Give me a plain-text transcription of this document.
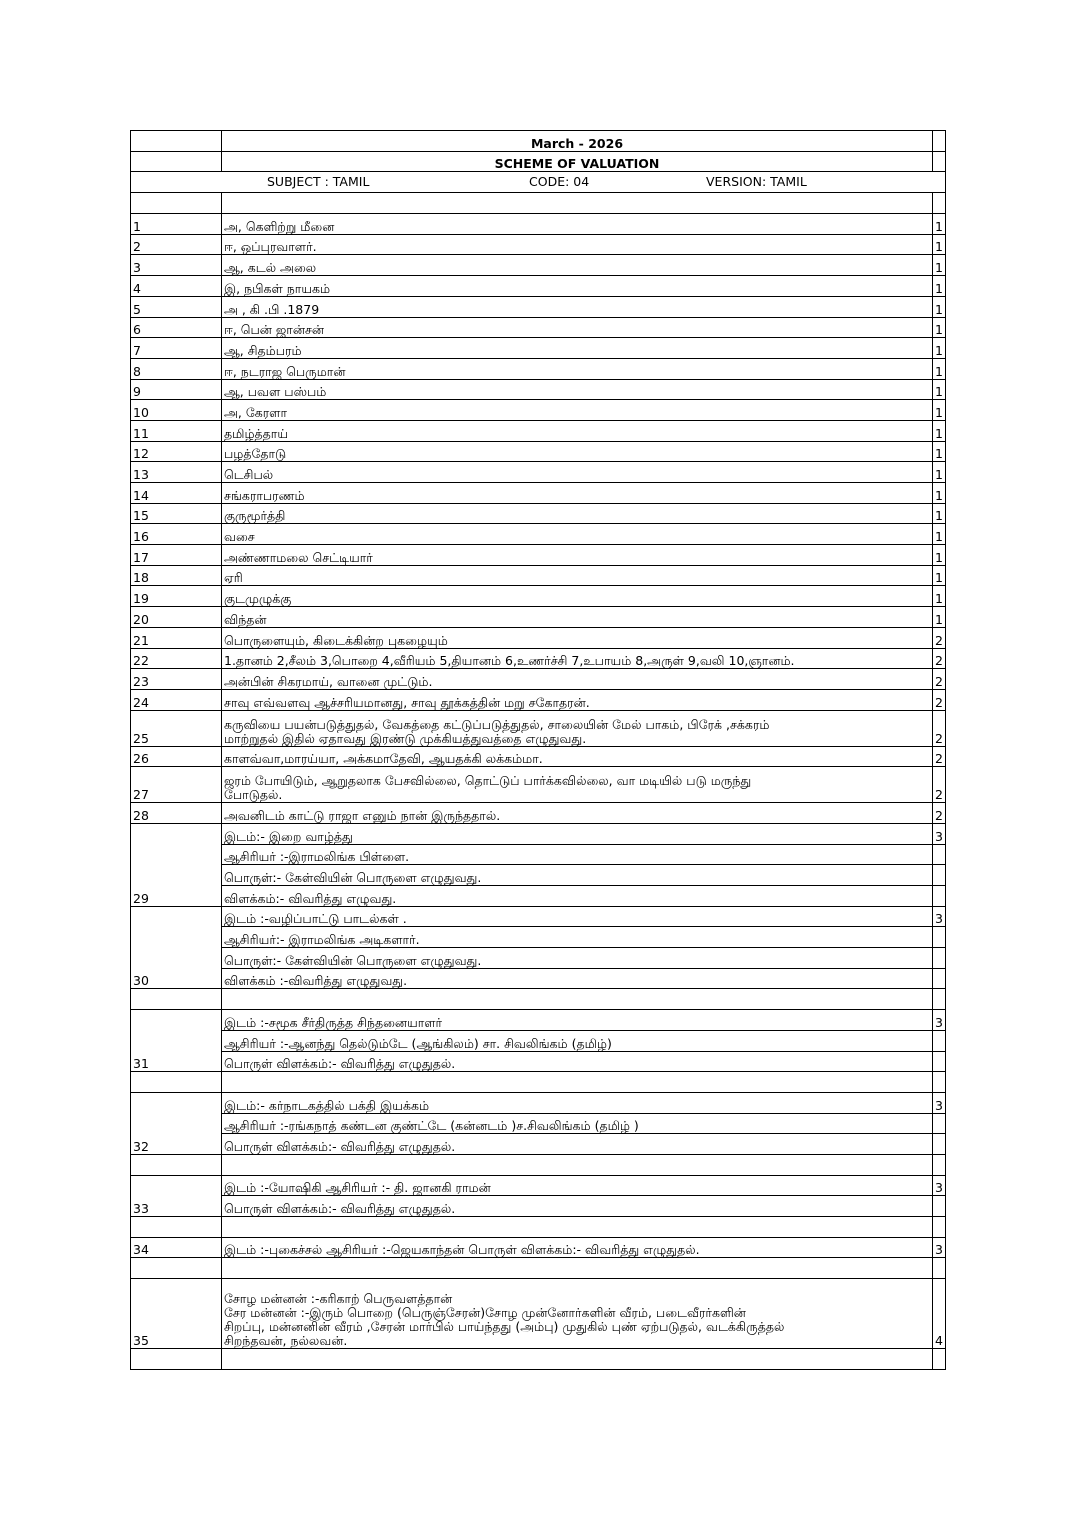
	March - 2026	
	SCHEME OF VALUATION	

SUBJECT : TAMIL CODE: 04 VERSION: TAMIL		

1	அ, கெளிற்று மீனை	1
2	ஈ, ஒப்புரவாளர்.	1
3	ஆ, கடல் அலை	1
4	இ, நபிகள் நாயகம்	1
5	அ , கி .பி .1879	1
6	ஈ, பென் ஜான்சன்	1
7	ஆ, சிதம்பரம்	1
8	ஈ, நடராஜ பெருமான்	1
9	ஆ, பவள பஸ்பம்	1
10	அ, கேரளா	1
11	தமிழ்த்தாய்	1
12	பழத்தோடு	1
13	டெசிபல்	1
14	சங்கராபரணம்	1
15	குருமூர்த்தி	1
16	வசை	1
17	அண்ணாமலை செட்டியார்	1
18	ஏரி	1
19	குடமுழுக்கு	1
20	விந்தன்	1
21	பொருளையும், கிடைக்கின்ற புகழையும்	2
22	1.தானம் 2,சீலம் 3,பொறை 4,வீரியம் 5,தியானம் 6,உணர்ச்சி 7,உபாயம் 8,அருள் 9,வலி 10,ஞானம்.	2
23	அன்பின் சிகரமாய், வானை முட்டும்.	2
24	சாவு எவ்வளவு ஆச்சரியமானது, சாவு தூக்கத்தின் மறு சகோதரன்.	2
25	கருவியை பயன்படுத்துதல், வேகத்தை கட்டுப்படுத்துதல், சாலையின் மேல் பாகம், பிரேக் ,சக்கரம்
மாற்றுதல் இதில் ஏதாவது இரண்டு முக்கியத்துவத்தை எழுதுவது.	2
26	காளவ்வா,மாரய்யா, அக்கமாதேவி, ஆயதக்கி லக்கம்மா.	2
27	ஜரம் போயிடும், ஆறுதலாக பேசவில்லை, தொட்டுப் பார்க்கவில்லை, வா மடியில் படு மருந்து
போடுதல்.	2
28	அவனிடம் காட்டு ராஜா எனும் நான் இருந்ததால்.	2
29	இடம்:- இறை வாழ்த்து	3
	ஆசிரியர் :-இராமலிங்க பிள்ளை.	
	பொருள்:- கேள்வியின் பொருளை எழுதுவது.	
	விளக்கம்:- விவரித்து எழுவது.	
30	இடம் :-வழிப்பாட்டு பாடல்கள் .	3
	ஆசிரியர்:- இராமலிங்க அடிகளார்.	
	பொருள்:- கேள்வியின் பொருளை எழுதுவது.	
	விளக்கம் :-விவரித்து எழுதுவது.	

31	இடம் :-சமூக சீர்திருத்த சிந்தனையாளர்	3
	ஆசிரியர் :-ஆனந்து தெல்டும்டே (ஆங்கிலம்) சா. சிவலிங்கம் (தமிழ்)	
	பொருள் விளக்கம்:- விவரித்து எழுதுதல்.	

32	இடம்:- கர்நாடகத்தில் பக்தி இயக்கம்	3
	ஆசிரியர் :-ரங்கநாத் கண்டன குண்ட்டே (கன்னடம் )ச.சிவலிங்கம் (தமிழ் )	
	பொருள் விளக்கம்:- விவரித்து எழுதுதல்.	

33	இடம் :-யோஷிகி ஆசிரியர் :- தி. ஜானகி ராமன்	3
	பொருள் விளக்கம்:- விவரித்து எழுதுதல்.	

34	இடம் :-புகைச்சல் ஆசிரியர் :-ஜெயகாந்தன் பொருள் விளக்கம்:- விவரித்து எழுதுதல்.	3

35	சோழ மன்னன் :-கரிகாற் பெருவளத்தான்
சேர மன்னன் :-இரும் பொறை (பெருஞ்சேரன்)சோழ முன்னோர்களின் வீரம், படைவீரர்களின்
சிறப்பு, மன்னனின் வீரம் ,சேரன் மார்பில் பாய்ந்தது (அம்பு) முதுகில் புண் ஏற்படுதல், வடக்கிருத்தல்
சிறந்தவன், நல்லவன்.	4
